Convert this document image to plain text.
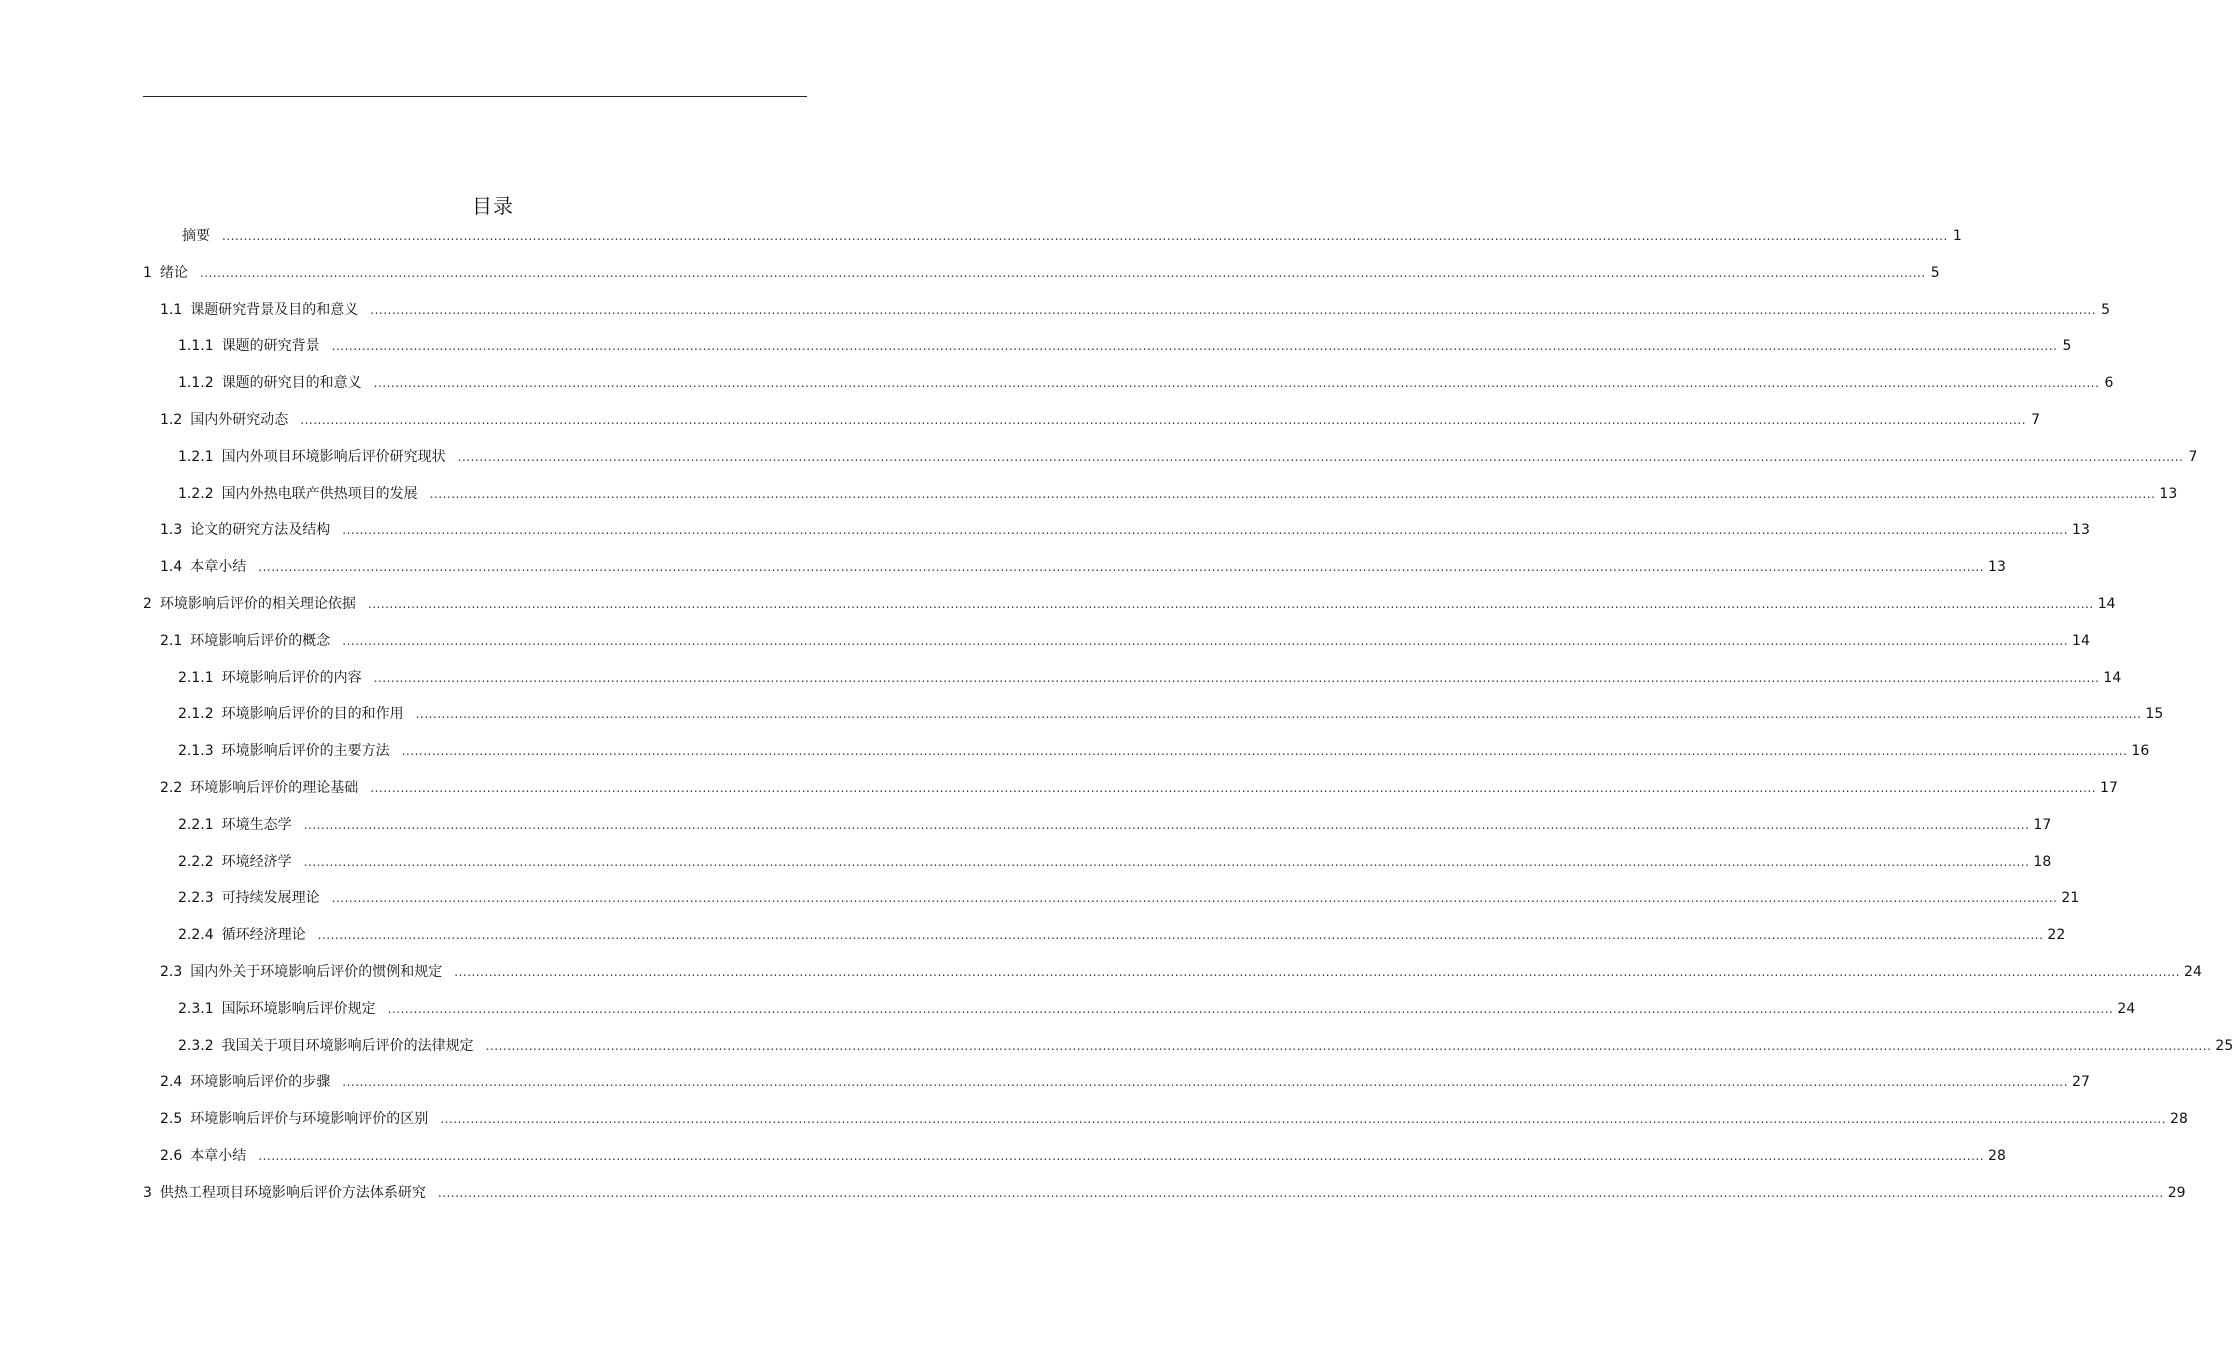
目录
摘要 ................................................................................................................................................................................................................................................................................................................................................................................................................ 1
1 绪论 ................................................................................................................................................................................................................................................................................................................................................................................................................ 5
1.1 课题研究背景及目的和意义 ................................................................................................................................................................................................................................................................................................................................................................................................................ 5
1.1.1 课题的研究背景 ................................................................................................................................................................................................................................................................................................................................................................................................................ 5
1.1.2 课题的研究目的和意义 ................................................................................................................................................................................................................................................................................................................................................................................................................ 6
1.2 国内外研究动态 ................................................................................................................................................................................................................................................................................................................................................................................................................ 7
1.2.1 国内外项目环境影响后评价研究现状 ................................................................................................................................................................................................................................................................................................................................................................................................................ 7
1.2.2 国内外热电联产供热项目的发展 ................................................................................................................................................................................................................................................................................................................................................................................................................ 13
1.3 论文的研究方法及结构 ................................................................................................................................................................................................................................................................................................................................................................................................................ 13
1.4 本章小结 ................................................................................................................................................................................................................................................................................................................................................................................................................ 13
2 环境影响后评价的相关理论依据 ................................................................................................................................................................................................................................................................................................................................................................................................................ 14
2.1 环境影响后评价的概念 ................................................................................................................................................................................................................................................................................................................................................................................................................ 14
2.1.1 环境影响后评价的内容 ................................................................................................................................................................................................................................................................................................................................................................................................................ 14
2.1.2 环境影响后评价的目的和作用 ................................................................................................................................................................................................................................................................................................................................................................................................................ 15
2.1.3 环境影响后评价的主要方法 ................................................................................................................................................................................................................................................................................................................................................................................................................ 16
2.2 环境影响后评价的理论基础 ................................................................................................................................................................................................................................................................................................................................................................................................................ 17
2.2.1 环境生态学 ................................................................................................................................................................................................................................................................................................................................................................................................................ 17
2.2.2 环境经济学 ................................................................................................................................................................................................................................................................................................................................................................................................................ 18
2.2.3 可持续发展理论 ................................................................................................................................................................................................................................................................................................................................................................................................................ 21
2.2.4 循环经济理论 ................................................................................................................................................................................................................................................................................................................................................................................................................ 22
2.3 国内外关于环境影响后评价的惯例和规定 ................................................................................................................................................................................................................................................................................................................................................................................................................ 24
2.3.1 国际环境影响后评价规定 ................................................................................................................................................................................................................................................................................................................................................................................................................ 24
2.3.2 我国关于项目环境影响后评价的法律规定 ................................................................................................................................................................................................................................................................................................................................................................................................................ 25
2.4 环境影响后评价的步骤 ................................................................................................................................................................................................................................................................................................................................................................................................................ 27
2.5 环境影响后评价与环境影响评价的区别 ................................................................................................................................................................................................................................................................................................................................................................................................................ 28
2.6 本章小结 ................................................................................................................................................................................................................................................................................................................................................................................................................ 28
3 供热工程项目环境影响后评价方法体系研究 ................................................................................................................................................................................................................................................................................................................................................................................................................ 29
